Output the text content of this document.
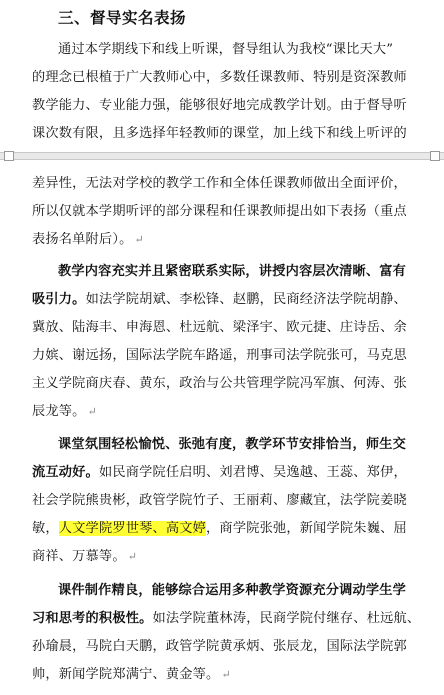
三、督导实名表扬
通过本学期线下和线上听课，督导组认为我校“课比天大”
的理念已根植于广大教师心中，多数任课教师、特别是资深教师
教学能力、专业能力强，能够很好地完成教学计划。由于督导听
课次数有限，且多选择年轻教师的课堂，加上线下和线上听评的
差异性，无法对学校的教学工作和全体任课教师做出全面评价，
所以仅就本学期听评的部分课程和任课教师提出如下表扬（重点
表扬名单附后）。 ↵
教学内容充实并且紧密联系实际，讲授内容层次清晰、富有
吸引力。如法学院胡斌、李松锋、赵鹏，民商经济法学院胡静、
冀放、陆海丰、申海恩、杜远航、梁泽宇、欧元捷、庄诗岳、余
力嫔、谢远扬，国际法学院车路遥，刑事司法学院张可，马克思
主义学院商庆春、黄东，政治与公共管理学院冯军旗、何涛、张
辰龙等。 ↵
课堂氛围轻松愉悦、张弛有度，教学环节安排恰当，师生交
流互动好。如民商学院任启明、刘君博、吴逸越、王蕊、郑伊，
社会学院熊贵彬，政管学院竹子、王丽莉、廖藏宜，法学院姜晓
敏，人文学院罗世琴、高文婷，商学院张弛，新闻学院朱巍、屈
商祥、万慕等。 ↵
课件制作精良，能够综合运用多种教学资源充分调动学生学
习和思考的积极性。如法学院董林涛，民商学院付继存、杜远航、
孙瑜晨，马院白天鹏，政管学院黄承炳、张辰龙，国际法学院郭
帅，新闻学院郑满宁、黄金等。 ↵
